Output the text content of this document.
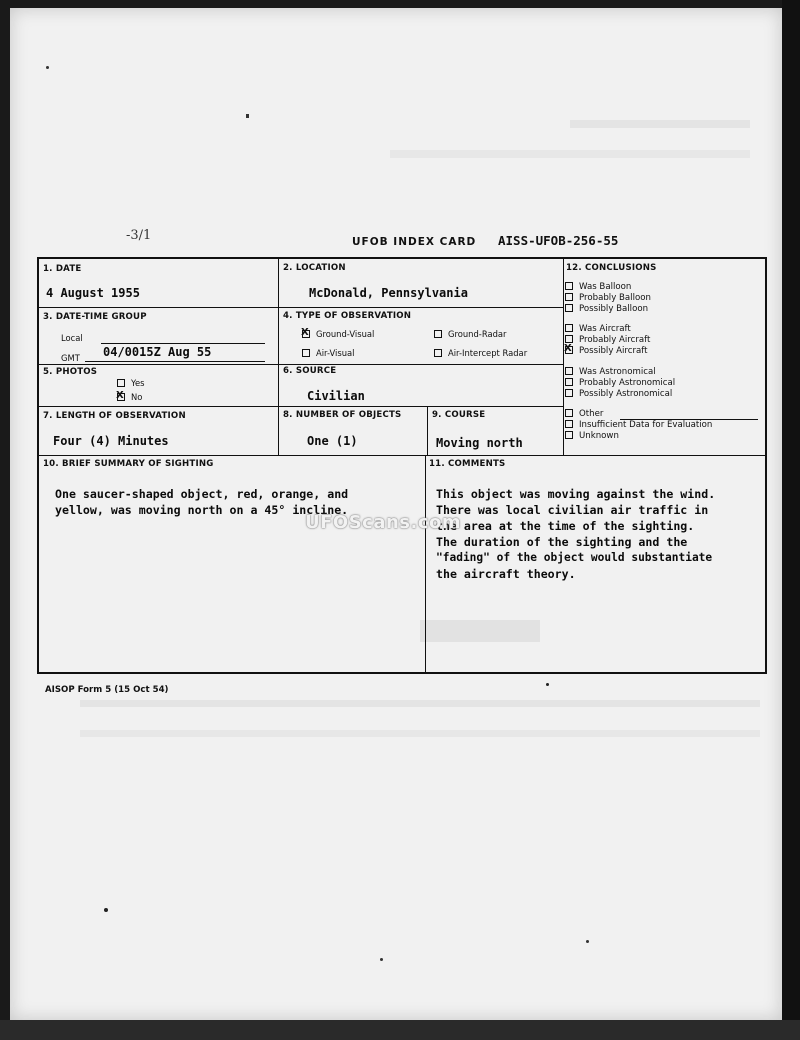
-3/1	UFOB INDEX CARD AISS-UFOB-256-55
1. DATE
4 August 1955
2. LOCATION
McDonald, Pennsylvania
3. DATE-TIME GROUP
Local
GMT 04/0015Z Aug 55
4. TYPE OF OBSERVATION
XGround-Visual	Ground-Radar
Air-Visual	Air-Intercept Radar
5. PHOTOS
Yes
XNo
6. SOURCE
Civilian
7. LENGTH OF OBSERVATION
Four (4) Minutes
8. NUMBER OF OBJECTS
One (1)
9. COURSE
Moving north
10. BRIEF SUMMARY OF SIGHTING
One saucer-shaped object, red, orange, and
yellow, was moving north on a 45° incline.
11. COMMENTS
This object was moving against the wind.
There was local civilian air traffic in
the area at the time of the sighting.
The duration of the sighting and the
"fading" of the object would substantiate
the aircraft theory.
12. CONCLUSIONS
Was Balloon
Probably Balloon
Possibly Balloon
Was Aircraft
Probably Aircraft
XPossibly Aircraft
Was Astronomical
Probably Astronomical
Possibly Astronomical
Other
Insufficient Data for Evaluation
Unknown
AISOP Form 5 (15 Oct 54)
UFOScans.com
